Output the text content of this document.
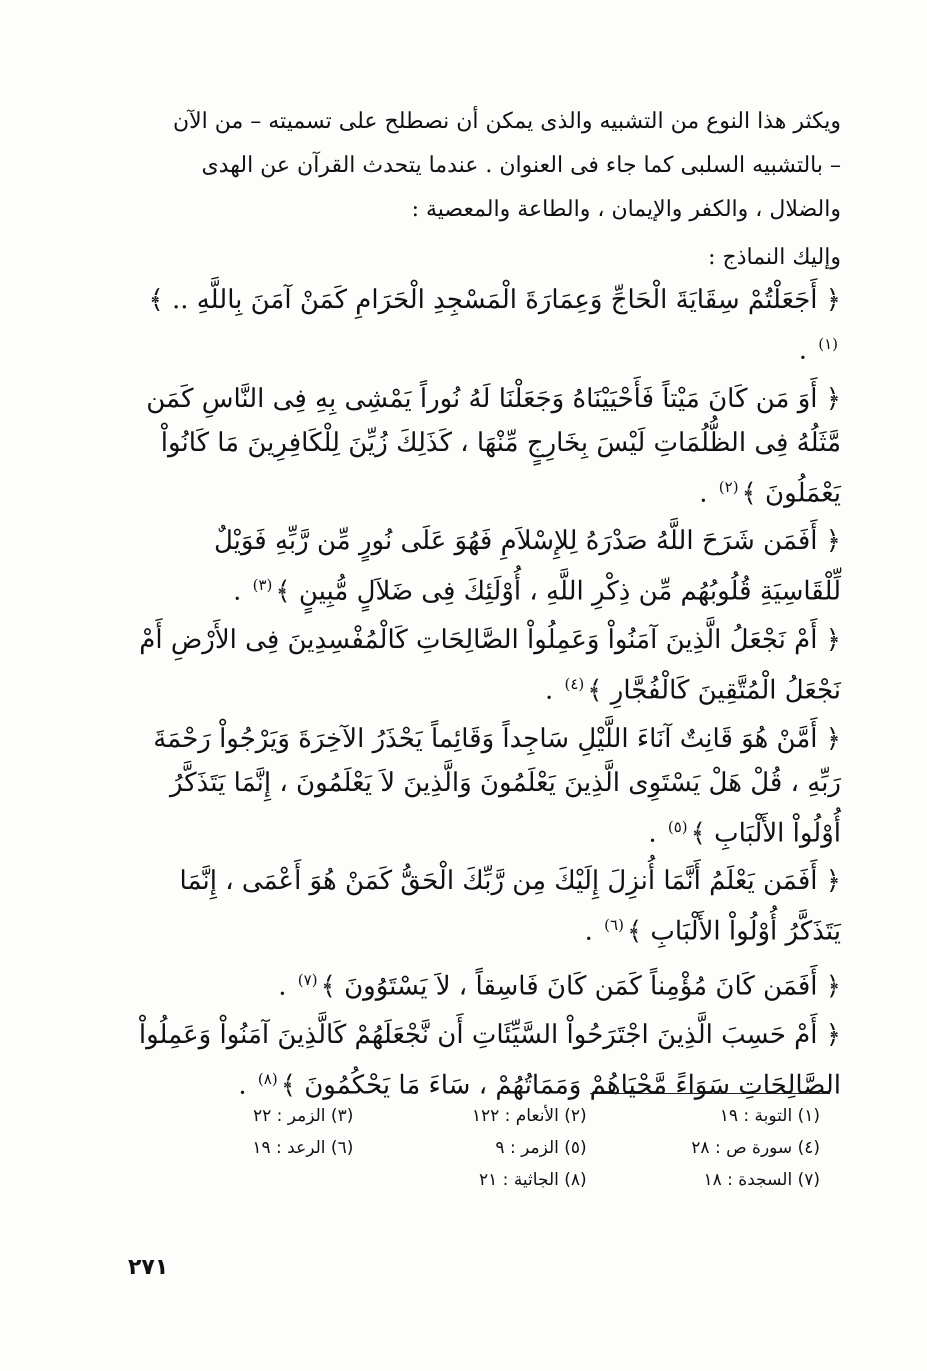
ويكثر هذا النوع من التشبيه والذى يمكن أن نصطلح على تسميته – من الآن
– بالتشبيه السلبى كما جاء فى العنوان . عندما يتحدث القرآن عن الهدى
والضلال ، والكفر والإيمان ، والطاعة والمعصية :

وإليك النماذج :

﴿ أَجَعَلْتُمْ سِقَايَةَ الْحَاجِّ وَعِمَارَةَ الْمَسْجِدِ الْحَرَامِ كَمَنْ آمَنَ بِاللَّهِ .. ﴾$^{(١)}$ .

﴿ أَوَ مَن كَانَ مَيْتاً فَأَحْيَيْنَاهُ وَجَعَلْنَا لَهُ نُوراً يَمْشِى بِهِ فِى النَّاسِ كَمَن مَّثَلُهُ فِى الظُّلُمَاتِ لَيْسَ بِخَارِجٍ مِّنْهَا ، كَذَلِكَ زُيِّنَ لِلْكَافِرِينَ مَا كَانُواْ يَعْمَلُونَ ﴾$^{(٢)}$ .

﴿ أَفَمَن شَرَحَ اللَّهُ صَدْرَهُ لِلإِسْلاَمِ فَهُوَ عَلَى نُورٍ مِّن رَّبِّهِ فَوَيْلٌ لِّلْقَاسِيَةِ قُلُوبُهُم مِّن ذِكْرِ اللَّهِ ، أُوْلَئِكَ فِى ضَلاَلٍ مُّبِينٍ ﴾$^{(٣)}$ .

﴿ أَمْ نَجْعَلُ الَّذِينَ آمَنُواْ وَعَمِلُواْ الصَّالِحَاتِ كَالْمُفْسِدِينَ فِى الأَرْضِ أَمْ نَجْعَلُ الْمُتَّقِينَ كَالْفُجَّارِ ﴾$^{(٤)}$ .

﴿ أَمَّنْ هُوَ قَانِتٌ آنَاءَ اللَّيْلِ سَاجِداً وَقَائِماً يَحْذَرُ الآخِرَةَ وَيَرْجُواْ رَحْمَةَ رَبِّهِ ، قُلْ هَلْ يَسْتَوِى الَّذِينَ يَعْلَمُونَ وَالَّذِينَ لاَ يَعْلَمُونَ ، إِنَّمَا يَتَذَكَّرُ أُوْلُواْ الأَلْبَابِ ﴾$^{(٥)}$ .

﴿ أَفَمَن يَعْلَمُ أَنَّمَا أُنزِلَ إِلَيْكَ مِن رَّبِّكَ الْحَقُّ كَمَنْ هُوَ أَعْمَى ، إِنَّمَا يَتَذَكَّرُ أُوْلُواْ الأَلْبَابِ ﴾$^{(٦)}$ .

﴿ أَفَمَن كَانَ مُؤْمِناً كَمَن كَانَ فَاسِقاً ، لاَ يَسْتَوُونَ ﴾$^{(٧)}$ .

﴿ أَمْ حَسِبَ الَّذِينَ اجْتَرَحُواْ السَّيِّئَاتِ أَن نَّجْعَلَهُمْ كَالَّذِينَ آمَنُواْ وَعَمِلُواْ الصَّالِحَاتِ سَوَاءً مَّحْيَاهُمْ وَمَمَاتُهُمْ ، سَاءَ مَا يَحْكُمُونَ ﴾$^{(٨)}$ .

(١) التوبة : ١٩
(٢) الأنعام : ١٢٢
(٣) الزمر : ٢٢
(٤) سورة ص : ٢٨
(٥) الزمر : ٩
(٦) الرعد : ١٩
(٧) السجدة : ١٨
(٨) الجاثية : ٢١
٢٧١
